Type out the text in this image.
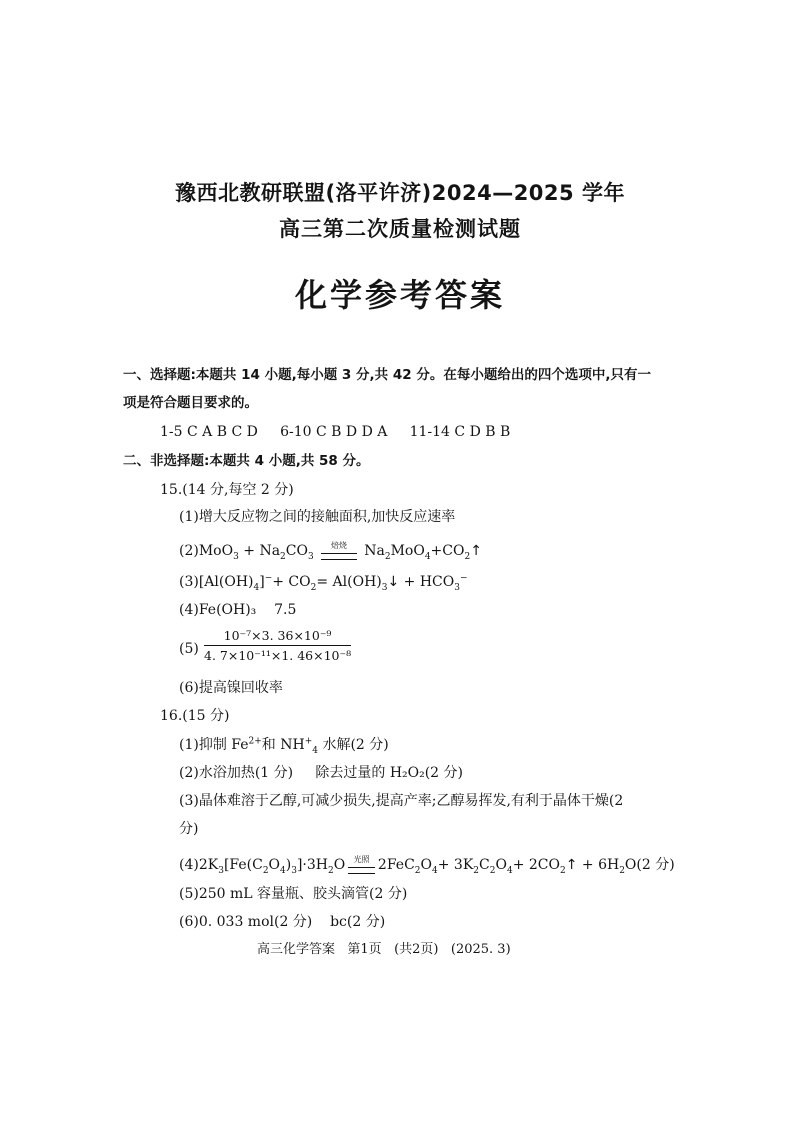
豫西北教研联盟(洛平许济)2024—2025 学年
高三第二次质量检测试题
化学参考答案
一、选择题:本题共 14 小题,每小题 3 分,共 42 分。在每小题给出的四个选项中,只有一
项是符合题目要求的。
1-5 C A B C D     6-10 C B D D A     11-14 C D B B
二、非选择题:本题共 4 小题,共 58 分。
15.(14 分,每空 2 分)
(1)增大反应物之间的接触面积,加快反应速率
$(2)MoO_3 + Na_2CO_3$
焙烧
$Na_2MoO_4+CO_2↑$
$(3)[Al(OH)_4]^-+ CO_2=$ $Al(OH)_3↓ + HCO_3^-$
(4)Fe(OH)₃    7.5
$(5) \frac{\text{10⁻⁷×3. 36×10⁻⁹}}{\text{4. 7×10⁻¹¹×1. 46×10⁻⁸}}$
(6)提高镍回收率
16.(15 分)
(1)抑制 $Fe^{2+}$和 $NH^+_4$ 水解(2 分)
(2)水浴加热(1 分)     除去过量的 H₂O₂(2 分)
(3)晶体难溶于乙醇,可减少损失,提高产率;乙醇易挥发,有利于晶体干燥(2
分)
$(4)2K_3[Fe(C_2O_4)_3]\cdot 3H_2O$	光照
$2FeC_2O_4+ 3K_2C_2O_4+$ $2CO_2↑ + 6H_2O(2$ 分)
(5)250 mL 容量瓶、胶头滴管(2 分)
(6)0. 033 mol(2 分)    bc(2 分)
高三化学答案   第1页   (共2页)   (2025. 3)
